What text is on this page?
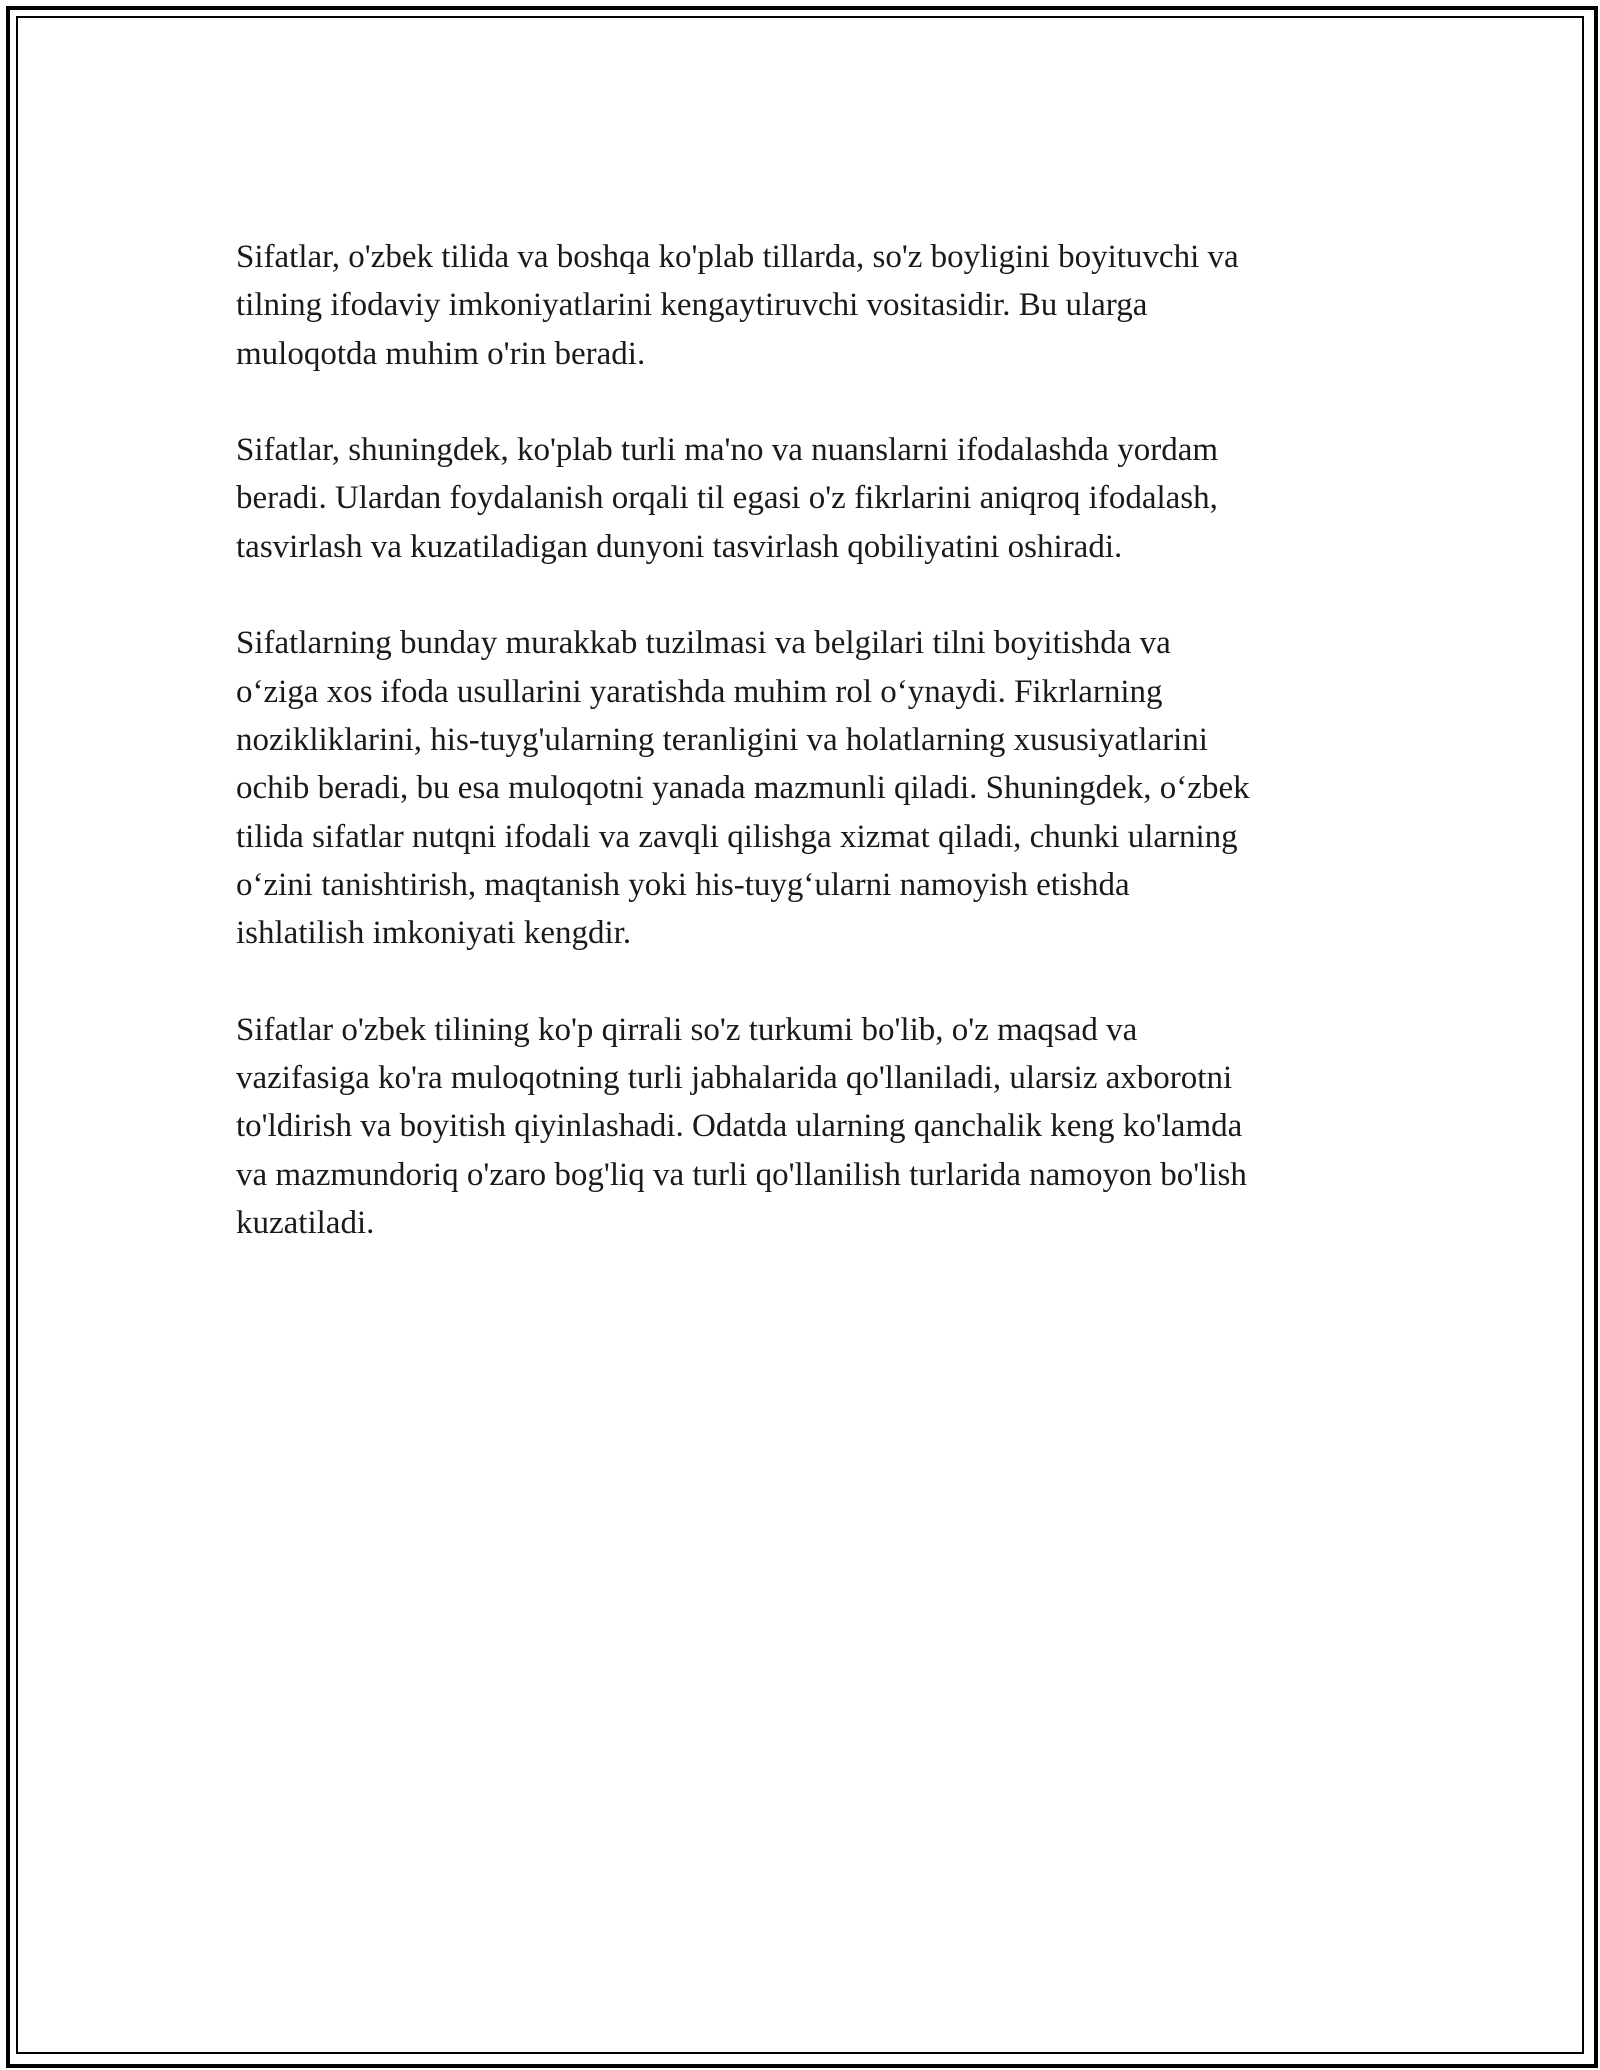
Sifatlar, o'zbek tilida va boshqa ko'plab tillarda, so'z boyligini boyituvchi va
tilning ifodaviy imkoniyatlarini kengaytiruvchi vositasidir. Bu ularga
muloqotda muhim o'rin beradi.

Sifatlar, shuningdek, ko'plab turli ma'no va nuanslarni ifodalashda yordam
beradi. Ulardan foydalanish orqali til egasi o'z fikrlarini aniqroq ifodalash,
tasvirlash va kuzatiladigan dunyoni tasvirlash qobiliyatini oshiradi.

Sifatlarning bunday murakkab tuzilmasi va belgilari tilni boyitishda va
o‘ziga xos ifoda usullarini yaratishda muhim rol o‘ynaydi. Fikrlarning
nozikliklarini, his-tuyg'ularning teranligini va holatlarning xususiyatlarini
ochib beradi, bu esa muloqotni yanada mazmunli qiladi. Shuningdek, o‘zbek
tilida sifatlar nutqni ifodali va zavqli qilishga xizmat qiladi, chunki ularning
o‘zini tanishtirish, maqtanish yoki his-tuyg‘ularni namoyish etishda
ishlatilish imkoniyati kengdir.

Sifatlar o'zbek tilining ko'p qirrali so'z turkumi bo'lib, o'z maqsad va
vazifasiga ko'ra muloqotning turli jabhalarida qo'llaniladi, ularsiz axborotni
to'ldirish va boyitish qiyinlashadi. Odatda ularning qanchalik keng ko'lamda
va mazmundoriq o'zaro bog'liq va turli qo'llanilish turlarida namoyon bo'lish
kuzatiladi.
